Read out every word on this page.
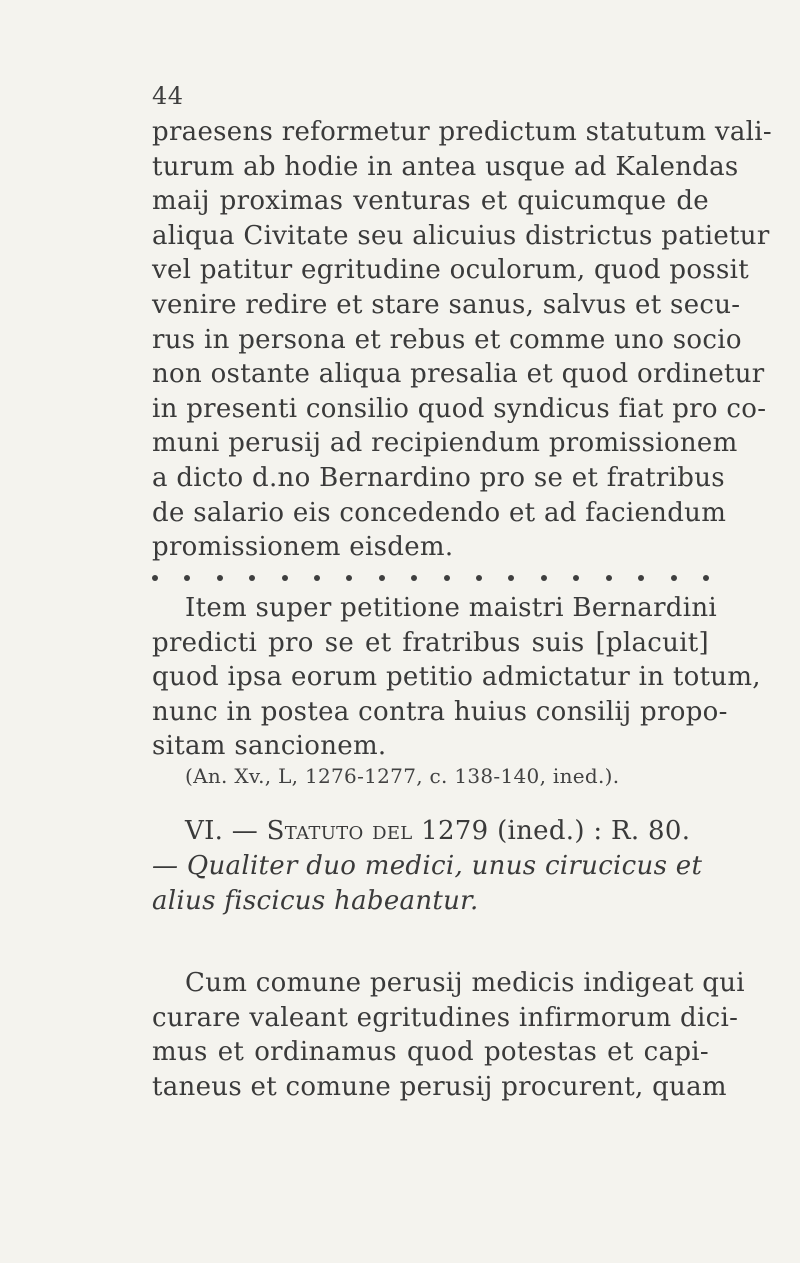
44
(An. Xv., L, 1276-1277, c. 138-140, ined.).
VI. — Statuto del 1279 (ined.) : R. 80.
— Qualiter duo medici, unus cirucicus et
alius fiscicus habeantur.
praesens reformetur predictum statutum vali-
turum ab hodie in antea usque ad Kalendas
maij proximas venturas et quicumque de
aliqua Civitate seu alicuius districtus patietur
vel patitur egritudine oculorum, quod possit
venire redire et stare sanus, salvus et secu-
rus in persona et rebus et comme uno socio
non ostante aliqua presalia et quod ordinetur
in presenti consilio quod syndicus fiat pro co-
muni perusij ad recipiendum promissionem
a dicto d.no Bernardino pro se et fratribus
de salario eis concedendo et ad faciendum
promissionem eisdem.
Item super petitione maistri Bernardini
predicti pro se et fratribus suis [placuit]
quod ipsa eorum petitio admictatur in totum,
nunc in postea contra huius consilij propo-
sitam sancionem.
Cum comune perusij medicis indigeat qui
curare valeant egritudines infirmorum dici-
mus et ordinamus quod potestas et capi-
taneus et comune perusij procurent, quam
